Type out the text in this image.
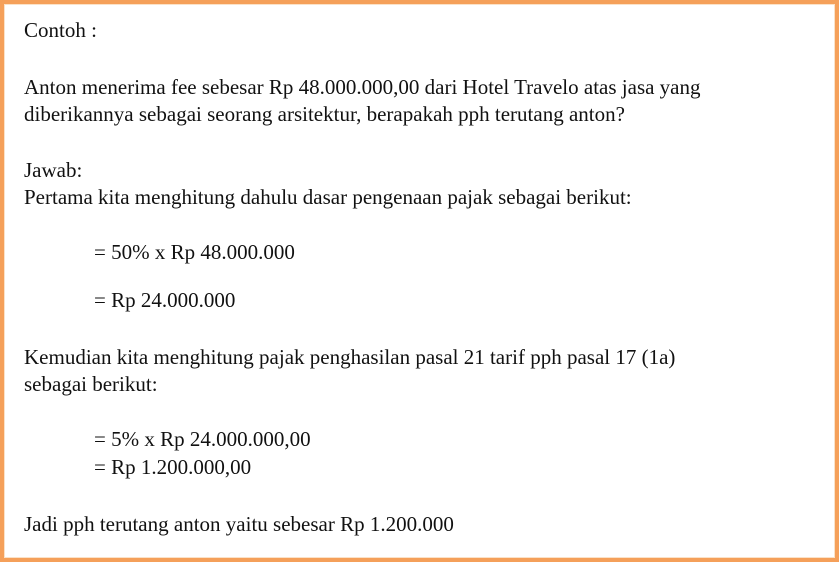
Contoh :

Anton menerima fee sebesar Rp 48.000.000,00 dari Hotel Travelo atas jasa yang

diberikannya sebagai seorang arsitektur, berapakah pph terutang anton?

Jawab:

Pertama kita menghitung dahulu dasar pengenaan pajak sebagai berikut:

= 50% x Rp 48.000.000

= Rp 24.000.000

Kemudian kita menghitung pajak penghasilan pasal 21 tarif pph pasal 17 (1a)

sebagai berikut:

= 5% x Rp 24.000.000,00

= Rp 1.200.000,00

Jadi pph terutang anton yaitu sebesar Rp 1.200.000
